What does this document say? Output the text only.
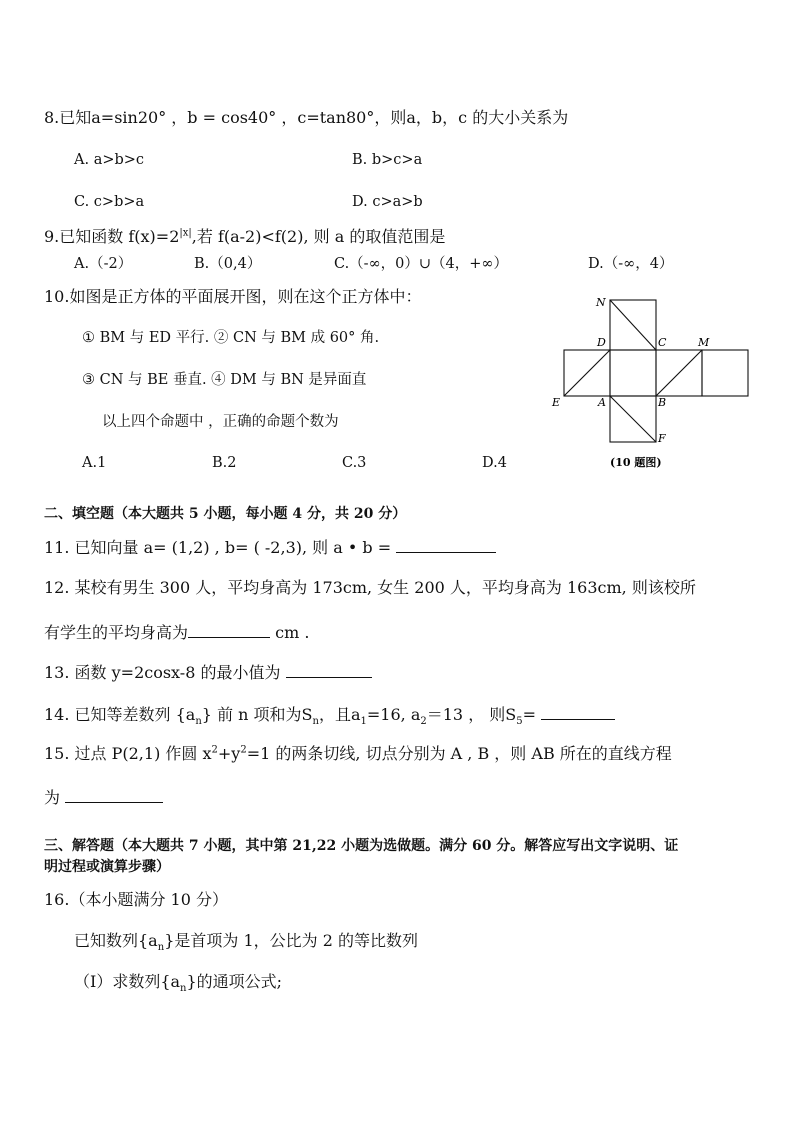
8.已知a=sin20° ，b = cos40° ，c=tan80°，则a，b，c 的大小关系为
A. a>b>c	B. b>c>a
C. c>b>a	D. c>a>b
9.已知函数 $f(x)=2^{|x|}$,若 f(a-2)<f(2), 则 a 的取值范围是
A.（-2）	B.（0,4）	C.（-∞，0）∪（4，+∞）	D.（-∞，4）
10.如图是正方体的平面展开图，则在这个正方体中：
① BM 与 ED 平行. ② CN 与 BM 成 60° 角.
③ CN 与 BE 垂直. ④ DM 与 BN 是异面直
以上四个命题中 ，正确的命题个数为
A.1	B.2	C.3	D.4
N
D	C	M
E	A	B
F
(10 题图)
二、填空题（本大题共 5 小题，每小题 4 分，共 20 分）
11. 已知向量 a= (1,2) , b= ( -2,3), 则 a • b =
12. 某校有男生 300 人，平均身高为 173cm, 女生 200 人，平均身高为 163cm, 则该校所
有学生的平均身高为	cm .
13. 函数 y=2cosx-8 的最小值为
14. 已知等差数列 $\{a_n\}$ 前 n 项和为$S_n$，且$a_1=16$, $a_2=13$ ， 则$S_5=$
15. 过点 P(2,1) 作圆 $x^2+y^2=1$ 的两条切线, 切点分别为 A , B ，则 AB 所在的直线方程
为
三、解答题（本大题共 7 小题，其中第 21,22 小题为选做题。满分 60 分。解答应写出文字说明、证
明过程或演算步骤）
16.（本小题满分 10 分）
已知数列$\{a_n\}$是首项为 1，公比为 2 的等比数列
（Ⅰ）求数列$\{a_n\}$的通项公式;
